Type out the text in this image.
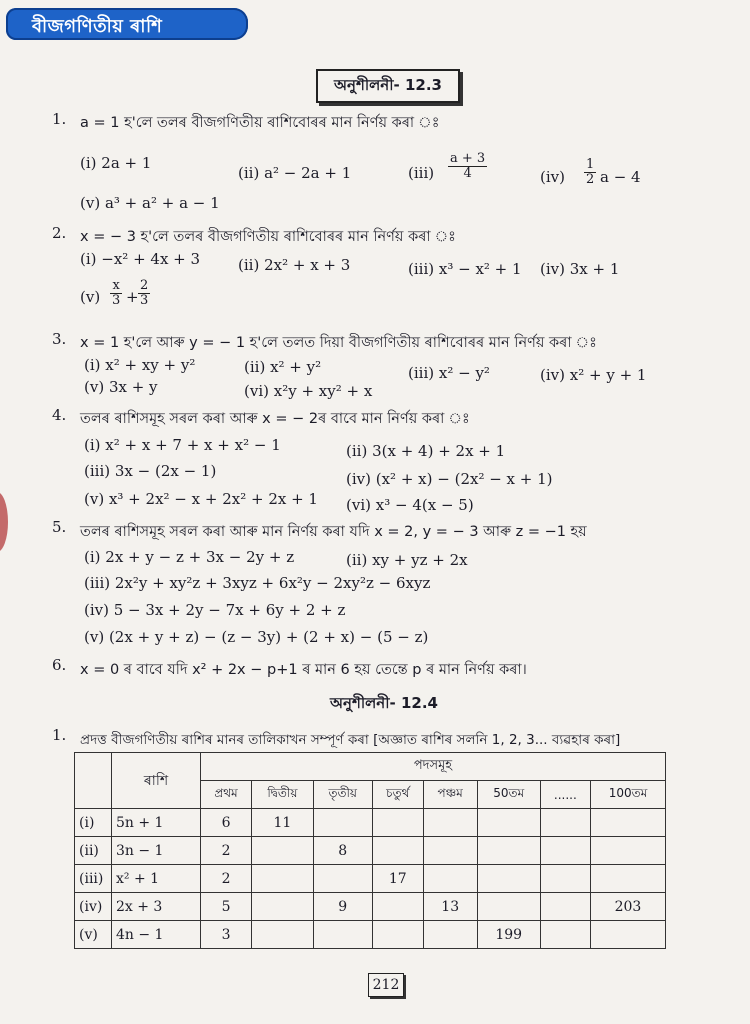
বীজগণিতীয় ৰাশি
অনুশীলনী- 12.3
1. a = 1 হ'লে তলৰ বীজগণিতীয় ৰাশিবোৰৰ মান নিৰ্ণয় কৰা ঃ
(i) 2a + 1
(ii) a² − 2a + 1	$(iii) \frac{a + 3}{4}$	$(iv) \frac{1}{2}$ a − 4
(v) a³ + a² + a − 1
2. x = − 3 হ'লে তলৰ বীজগণিতীয় ৰাশিবোৰৰ মান নিৰ্ণয় কৰা ঃ
(i) −x² + 4x + 3	(ii) 2x² + x + 3	(iii) x³ − x² + 1 (iv) 3x + 1
$(v) \frac{x}{3} + \frac{2}{3}$
3. x = 1 হ'লে আৰু y = − 1 হ'লে তলত দিয়া বীজগণিতীয় ৰাশিবোৰৰ মান নিৰ্ণয় কৰা ঃ
(i) x² + xy + y²	(ii) x² + y²	(iii) x² − y²	(iv) x² + y + 1
(v) 3x + y	(vi) x²y + xy² + x
4. তলৰ ৰাশিসমূহ সৰল কৰা আৰু x = − 2ৰ বাবে মান নিৰ্ণয় কৰা ঃ
(i) x² + x + 7 + x + x² − 1	(ii) 3(x + 4) + 2x + 1
(iii) 3x − (2x − 1)	(iv) (x² + x) − (2x² − x + 1)
(v) x³ + 2x² − x + 2x² + 2x + 1 (vi) x³ − 4(x − 5)
5. তলৰ ৰাশিসমূহ সৰল কৰা আৰু মান নিৰ্ণয় কৰা যদি x = 2, y = − 3 আৰু z = −1 হয়
(i) 2x + y − z + 3x − 2y + z	(ii) xy + yz + 2x
(iii) 2x²y + xy²z + 3xyz + 6x²y − 2xy²z − 6xyz
(iv) 5 − 3x + 2y − 7x + 6y + 2 + z
(v) (2x + y + z) − (z − 3y) + (2 + x) − (5 − z)
6. x = 0 ৰ বাবে যদি x² + 2x − p+1 ৰ মান 6 হয় তেন্তে p ৰ মান নিৰ্ণয় কৰা।
অনুশীলনী- 12.4
1. প্ৰদত্ত বীজগণিতীয় ৰাশিৰ মানৰ তালিকাখন সম্পূৰ্ণ কৰা [অজ্ঞাত ৰাশিৰ সলনি 1, 2, 3... ব্যৱহাৰ কৰা]
	ৰাশি	পদসমূহ							
		প্ৰথম	দ্বিতীয়	তৃতীয়	চতুৰ্থ	পঞ্চম	50তম	......	100তম
(i)	5n + 1	6	11						
(ii)	3n − 1	2		8					
(iii)	x² + 1	2			17				
(iv)	2x + 3	5		9		13			203
(v)	4n − 1	3					199		
212
